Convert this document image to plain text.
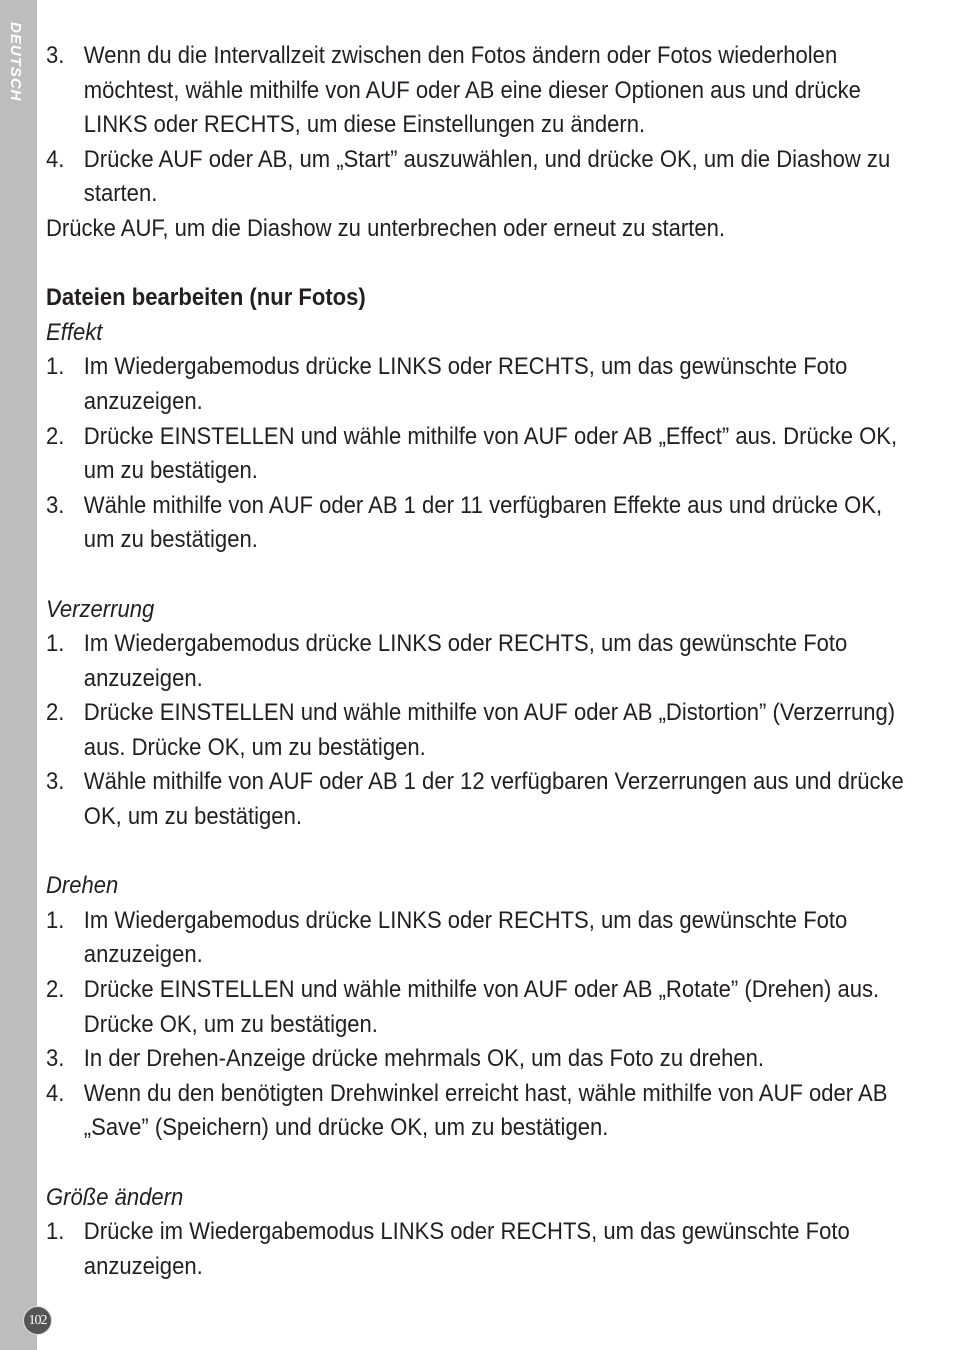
DEUTSCH 3. Wenn du die Intervallzeit zwischen den Fotos ändern oder Fotos wiederholen möchtest, wähle mithilfe von AUF oder AB eine dieser Optionen aus und drücke LINKS oder RECHTS, um diese Einstellungen zu ändern.
4. Drücke AUF oder AB, um „Start” auszuwählen, und drücke OK, um die Diashow zu starten.
Drücke AUF, um die Diashow zu unterbrechen oder erneut zu starten.
Dateien bearbeiten (nur Fotos)
Effekt
1. Im Wiedergabemodus drücke LINKS oder RECHTS, um das gewünschte Foto anzuzeigen.
2. Drücke EINSTELLEN und wähle mithilfe von AUF oder AB „Effect” aus. Drücke OK, um zu bestätigen.
3. Wähle mithilfe von AUF oder AB 1 der 11 verfügbaren Effekte aus und drücke OK, um zu bestätigen.
Verzerrung
1. Im Wiedergabemodus drücke LINKS oder RECHTS, um das gewünschte Foto anzuzeigen.
2. Drücke EINSTELLEN und wähle mithilfe von AUF oder AB „Distortion” (Verzerrung) aus. Drücke OK, um zu bestätigen.
3. Wähle mithilfe von AUF oder AB 1 der 12 verfügbaren Verzerrungen aus und drücke OK, um zu bestätigen.
Drehen
1. Im Wiedergabemodus drücke LINKS oder RECHTS, um das gewünschte Foto anzuzeigen.
2. Drücke EINSTELLEN und wähle mithilfe von AUF oder AB „Rotate” (Drehen) aus. Drücke OK, um zu bestätigen.
3. In der Drehen-Anzeige drücke mehrmals OK, um das Foto zu drehen.
4. Wenn du den benötigten Drehwinkel erreicht hast, wähle mithilfe von AUF oder AB „Save” (Speichern) und drücke OK, um zu bestätigen.
Größe ändern
1. Drücke im Wiedergabemodus LINKS oder RECHTS, um das gewünschte Foto anzuzeigen.
102
